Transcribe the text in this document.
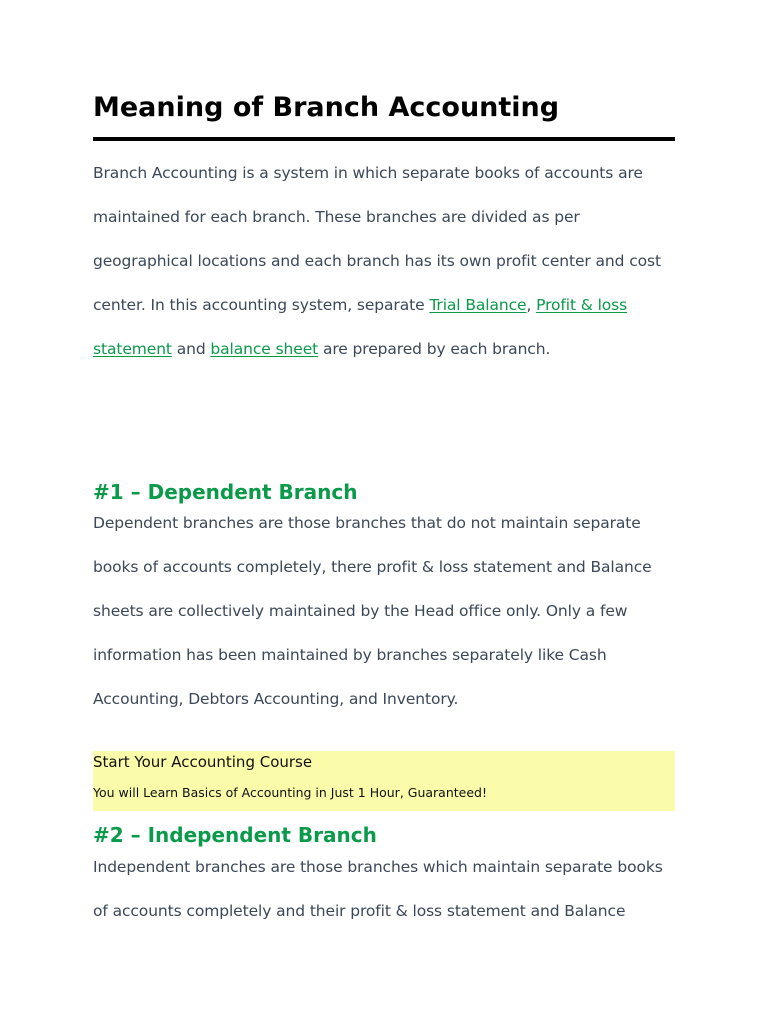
Meaning of Branch Accounting

Branch Accounting is a system in which separate books of accounts are
maintained for each branch. These branches are divided as per
geographical locations and each branch has its own profit center and cost
center. In this accounting system, separate Trial Balance, Profit & loss
statement and balance sheet are prepared by each branch.

#1 – Dependent Branch

Dependent branches are those branches that do not maintain separate
books of accounts completely, there profit & loss statement and Balance
sheets are collectively maintained by the Head office only. Only a few
information has been maintained by branches separately like Cash
Accounting, Debtors Accounting, and Inventory.

Start Your Accounting Course

You will Learn Basics of Accounting in Just 1 Hour, Guaranteed!

#2 – Independent Branch

Independent branches are those branches which maintain separate books
of accounts completely and their profit & loss statement and Balance
